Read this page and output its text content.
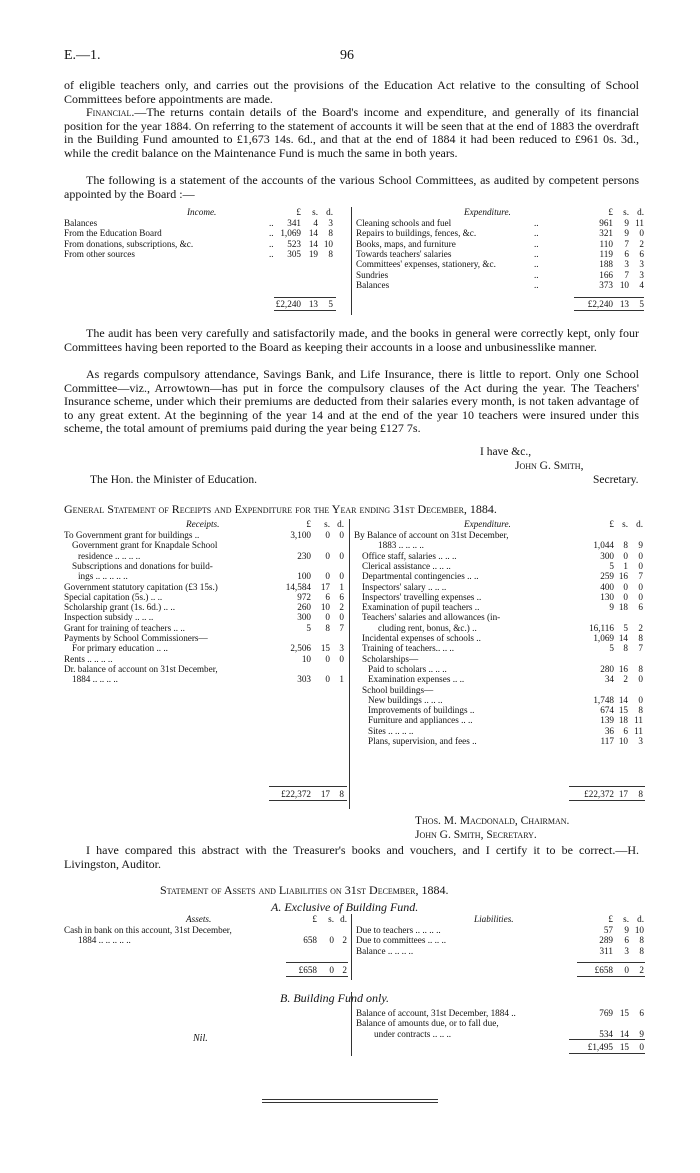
E.—1.	96
of eligible teachers only, and carries out the provisions of the Education Act relative to the consulting of School Committees before appointments are made.
Financial.—The returns contain details of the Board's income and expenditure, and generally of its financial position for the year 1884. On referring to the statement of accounts it will be seen that at the end of 1883 the overdraft in the Building Fund amounted to £1,673 14s. 6d., and that at the end of 1884 it had been reduced to £961 0s. 3d., while the credit balance on the Maintenance Fund is much the same in both years.
The following is a statement of the accounts of the various School Committees, as audited by competent persons appointed by the Board :—
Income.	Expenditure.
£	s. d.	£	s. d.
Balances	..	341	4	3
From the Education Board	.. 1,069 14	8
From donations, subscriptions, &c.	..	523 14 10
From other sources	..	305 19	8
Cleaning schools and fuel	..	961	9 11
Repairs to buildings, fences, &c.	..	321	9	0
Books, maps, and furniture	..	110	7	2
Towards teachers' salaries	..	119	6	6
Committees' expenses, stationery, &c.	..	188	3	3
Sundries	..	166	7	3
Balances	..	373 10	4
£2,240 13	5	£2,240 13	5
The audit has been very carefully and satisfactorily made, and the books in general were correctly kept, only four Committees having been reported to the Board as keeping their accounts in a loose and unbusinesslike manner.
As regards compulsory attendance, Savings Bank, and Life Insurance, there is little to report. Only one School Committee—viz., Arrowtown—has put in force the compulsory clauses of the Act during the year. The Teachers' Insurance scheme, under which their premiums are deducted from their salaries every month, is not taken advantage of to any great extent. At the beginning of the year 14 and at the end of the year 10 teachers were insured under this scheme, the total amount of premiums paid during the year being £127 7s.
I have &c.,
John G. Smith,
Secretary.
The Hon. the Minister of Education.
General Statement of Receipts and Expenditure for the Year ending 31st December, 1884.
Receipts.	Expenditure.
£	s. d.	£ s. d.
To Government grant for buildings ..	3,100	0	0
Government grant for Knapdale School
residence .. .. .. ..	230	0	0
Subscriptions and donations for build-
ings .. .. .. .. ..	100	0	0
Government statutory capitation (£3 15s.)	14,584	17	1
Special capitation (5s.) .. ..	972	6	6
Scholarship grant (1s. 6d.) .. ..	260	10	2
Inspection subsidy .. .. ..	300	0	0
Grant for training of teachers .. ..	5	8	7
Payments by School Commissioners—
For primary education .. ..	2,506	15	3
Rents .. .. .. ..	10	0	0
Dr. balance of account on 31st December,
1884 .. .. .. ..	303	0	1
By Balance of account on 31st December,
1883 .. .. .. ..	1,044	8	9
Office staff, salaries .. .. ..	300	0	0
Clerical assistance .. .. ..	5	1	0
Departmental contingencies .. ..	259 16	7
Inspectors' salary .. .. ..	400	0	0
Inspectors' travelling expenses ..	130	0	0
Examination of pupil teachers ..	9 18	6
Teachers' salaries and allowances (in-
cluding rent, bonus, &c.) ..	16,116	5	2
Incidental expenses of schools ..	1,069 14	8
Training of teachers.. .. ..	5	8	7
Scholarships—
Paid to scholars .. .. ..	280 16	8
Examination expenses .. ..	34	2	0
School buildings—
New buildings .. .. ..	1,748 14	0
Improvements of buildings ..	674 15	8
Furniture and appliances .. ..	139 18 11
Sites .. .. .. ..	36	6 11
Plans, supervision, and fees ..	117 10	3
£22,372	17	8	£22,372 17	8
Thos. M. Macdonald, Chairman.
John G. Smith, Secretary.
I have compared this abstract with the Treasurer's books and vouchers, and I certify it to be correct.—H. Livingston, Auditor.
Statement of Assets and Liabilities on 31st December, 1884.
A. Exclusive of Building Fund.
Assets.	Liabilities.
£	s. d.	£	s. d.
Cash in bank on this account, 31st December,
1884 .. .. .. .. ..	658	0 2
Due to teachers .. .. .. ..	57	9 10
Due to committees .. .. ..	289	6	8
Balance .. .. .. ..	311	3	8
£658	0 2	£658	0	2
B. Building Fund only.
Balance of account, 31st December, 1884 ..	769 15	6
Balance of amounts due, or to fall due,
under contracts .. .. ..	534 14	9
£1,495 15	0
Nil.
